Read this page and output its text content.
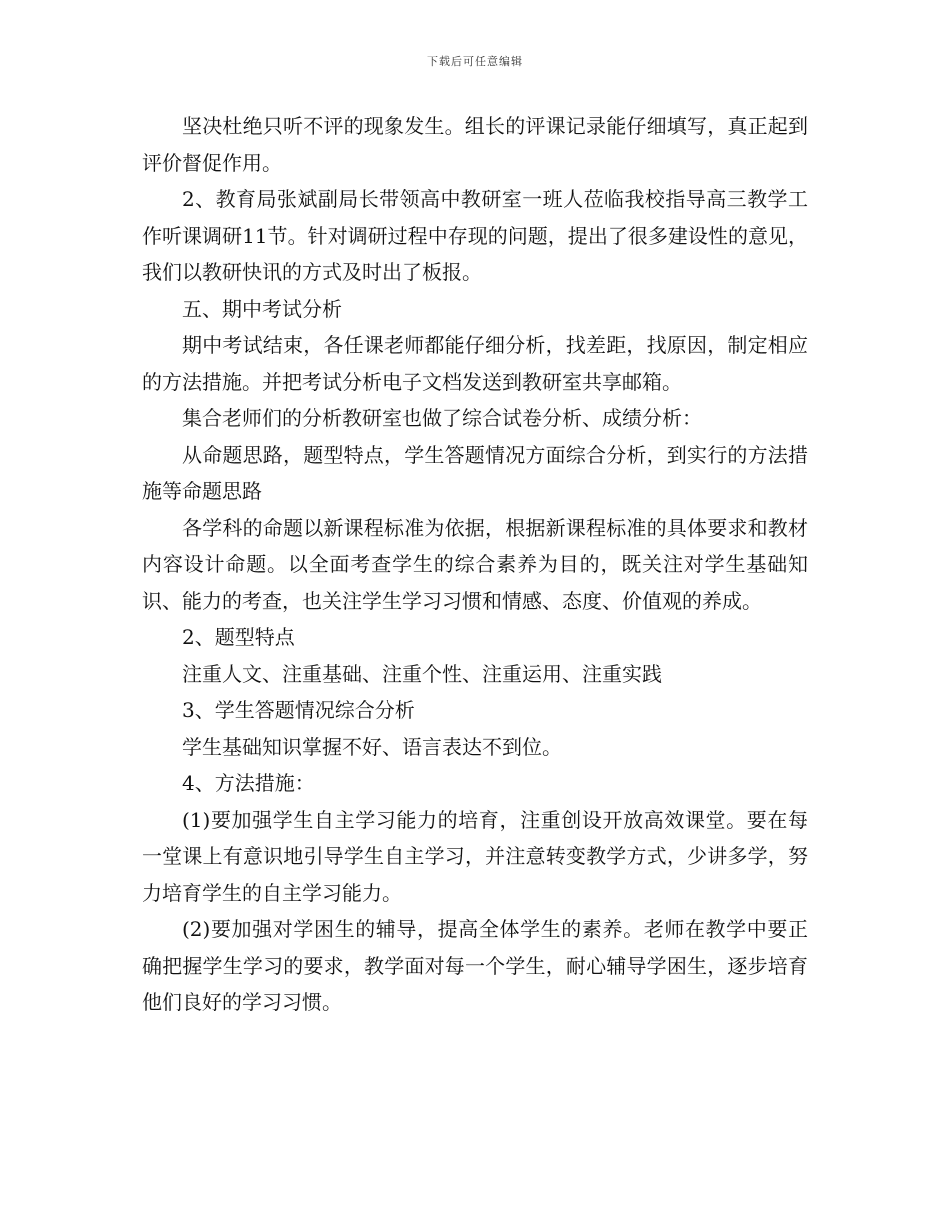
下载后可任意编辑

坚决杜绝只听不评的现象发生。组长的评课记录能仔细填写，真正起到评价督促作用。

2、教育局张斌副局长带领高中教研室一班人莅临我校指导高三教学工作听课调研11节。针对调研过程中存现的问题，提出了很多建设性的意见，我们以教研快讯的方式及时出了板报。

五、期中考试分析

期中考试结束，各任课老师都能仔细分析，找差距，找原因，制定相应的方法措施。并把考试分析电子文档发送到教研室共享邮箱。

集合老师们的分析教研室也做了综合试卷分析、成绩分析：

从命题思路，题型特点，学生答题情况方面综合分析，到实行的方法措施等命题思路

各学科的命题以新课程标准为依据，根据新课程标准的具体要求和教材内容设计命题。以全面考查学生的综合素养为目的，既关注对学生基础知识、能力的考查，也关注学生学习习惯和情感、态度、价值观的养成。

2、题型特点

注重人文、注重基础、注重个性、注重运用、注重实践

3、学生答题情况综合分析

学生基础知识掌握不好、语言表达不到位。

4、方法措施：

(1)要加强学生自主学习能力的培育，注重创设开放高效课堂。要在每一堂课上有意识地引导学生自主学习，并注意转变教学方式，少讲多学，努力培育学生的自主学习能力。

(2)要加强对学困生的辅导，提高全体学生的素养。老师在教学中要正确把握学生学习的要求，教学面对每一个学生，耐心辅导学困生，逐步培育他们良好的学习习惯。
